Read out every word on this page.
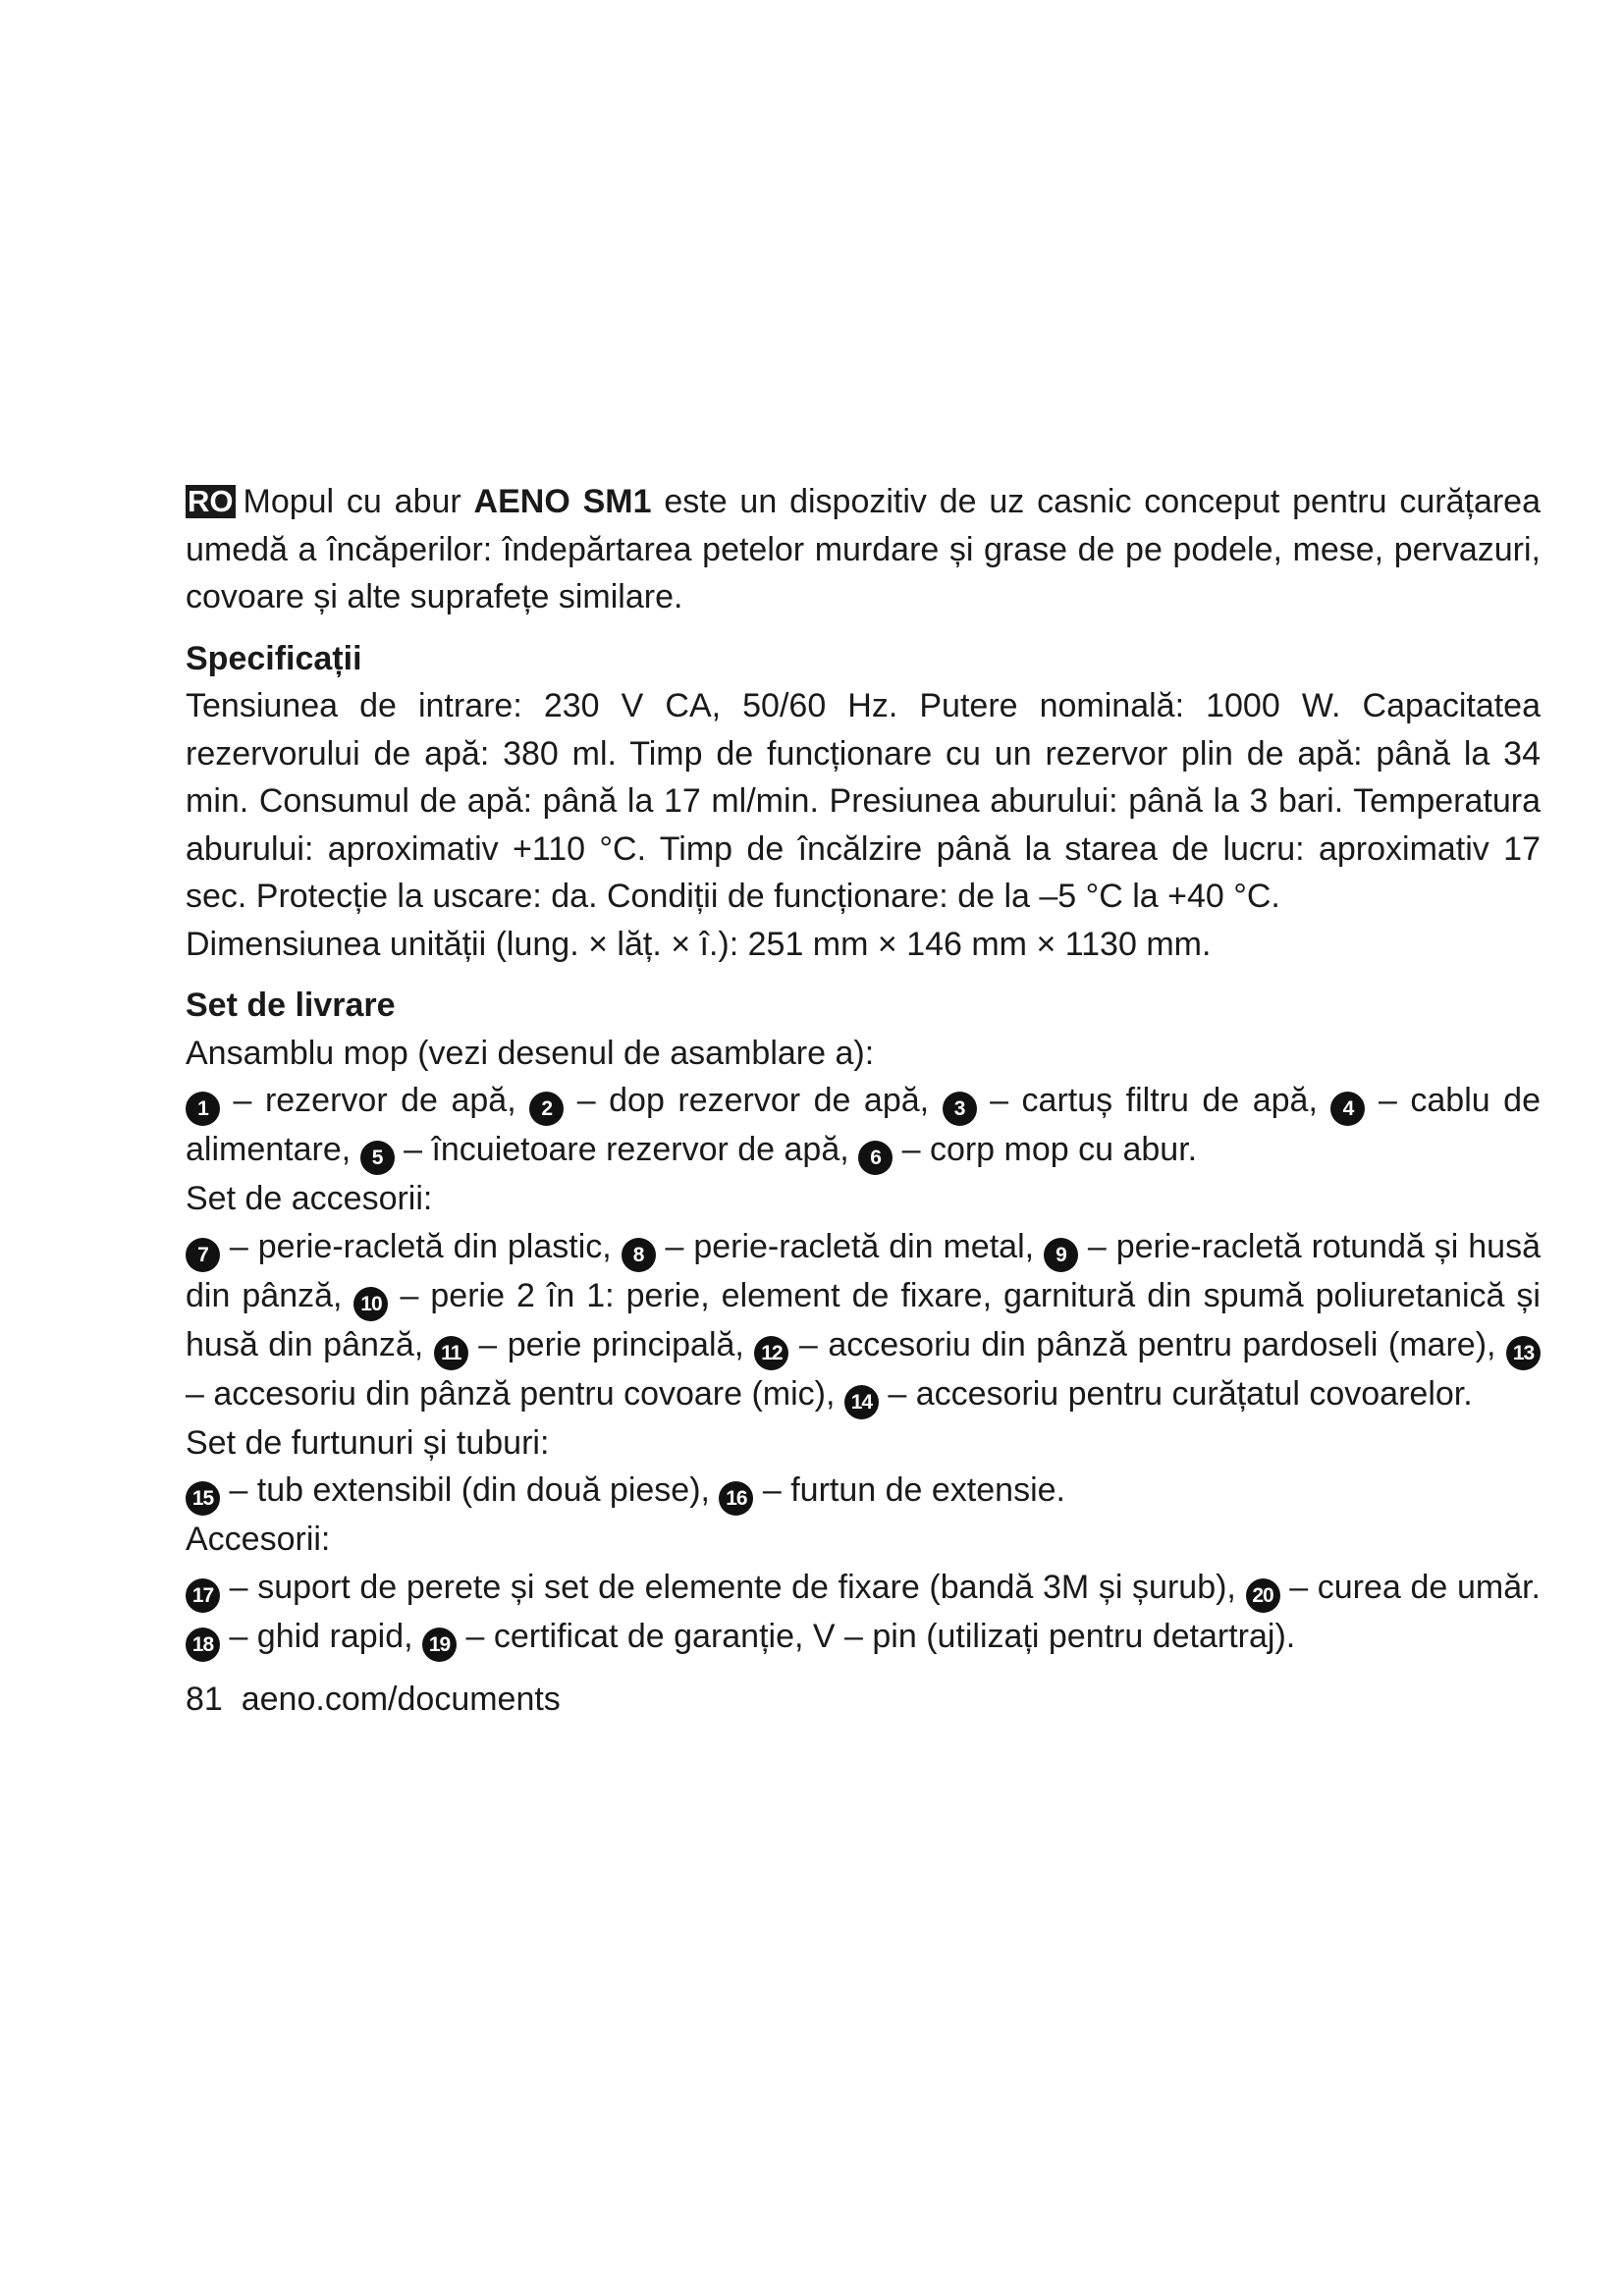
RO Mopul cu abur AENO SM1 este un dispozitiv de uz casnic conceput pentru curățarea umedă a încăperilor: îndepărtarea petelor murdare și grase de pe podele, mese, pervazuri, covoare și alte suprafețe similare.

Specificații

Tensiunea de intrare: 230 V CA, 50/60 Hz. Putere nominală: 1000 W. Capacitatea rezervorului de apă: 380 ml. Timp de funcționare cu un rezervor plin de apă: până la 34 min. Consumul de apă: până la 17 ml/min. Presiunea aburului: până la 3 bari. Temperatura aburului: aproximativ +110 °C. Timp de încălzire până la starea de lucru: aproximativ 17 sec. Protecție la uscare: da. Condiții de funcționare: de la –5 °C la +40 °C.

Dimensiunea unității (lung. × lăț. × î.): 251 mm × 146 mm × 1130 mm.

Set de livrare

Ansamblu mop (vezi desenul de asamblare a):

1 – rezervor de apă, 2 – dop rezervor de apă, 3 – cartuș filtru de apă, 4 – cablu de alimentare, 5 – încuietoare rezervor de apă, 6 – corp mop cu abur.

Set de accesorii:

7 – perie-racletă din plastic, 8 – perie-racletă din metal, 9 – perie-racletă rotundă și husă din pânză, 10 – perie 2 în 1: perie, element de fixare, garnitură din spumă poliuretanică și husă din pânză, 11 – perie principală, 12 – accesoriu din pânză pentru pardoseli (mare), 13 – accesoriu din pânză pentru covoare (mic), 14 – accesoriu pentru curățatul covoarelor.

Set de furtunuri și tuburi:

15 – tub extensibil (din două piese), 16 – furtun de extensie.

Accesorii:

17 – suport de perete și set de elemente de fixare (bandă 3M și șurub), 20 – curea de umăr. 18 – ghid rapid, 19 – certificat de garanție, V – pin (utilizați pentru detartraj).

81 aeno.com/documents
